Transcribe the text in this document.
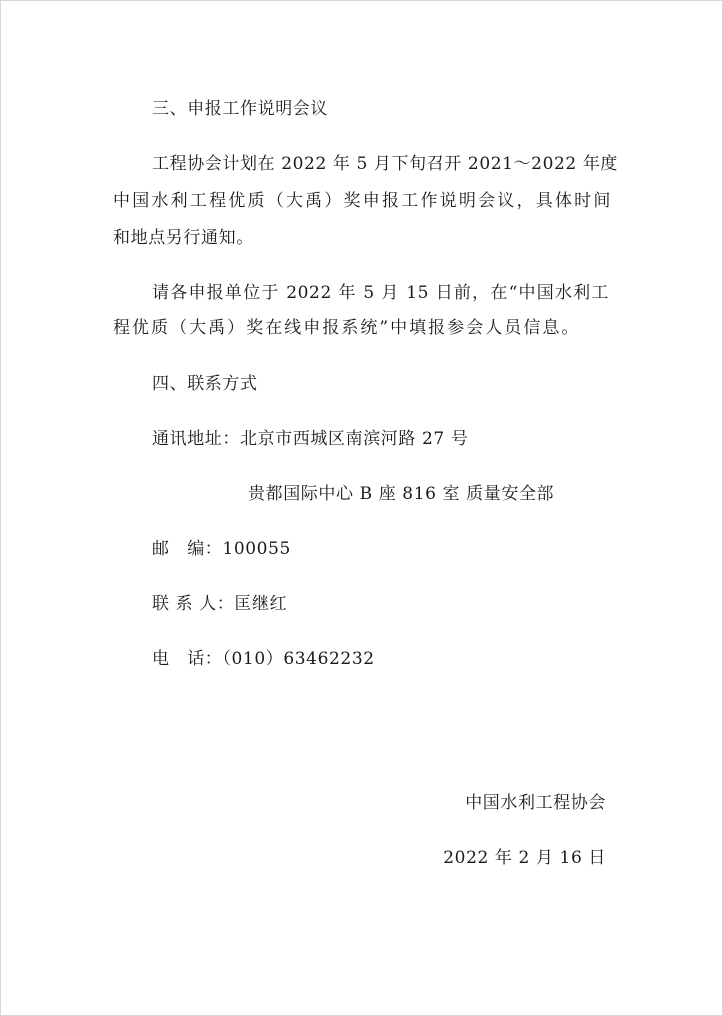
三、申报工作说明会议
工程协会计划在 2022 年 5 月下旬召开 2021～2022 年度
中国水利工程优质（大禹）奖申报工作说明会议，具体时间
和地点另行通知。
请各申报单位于 2022 年 5 月 15 日前，在“中国水利工
程优质（大禹）奖在线申报系统”中填报参会人员信息。
四、联系方式
通讯地址：北京市西城区南滨河路 27 号
贵都国际中心 B 座 816 室 质量安全部
邮　编：100055
联 系 人：匡继红
电　话：（010）63462232
中国水利工程协会
2022 年 2 月 16 日
